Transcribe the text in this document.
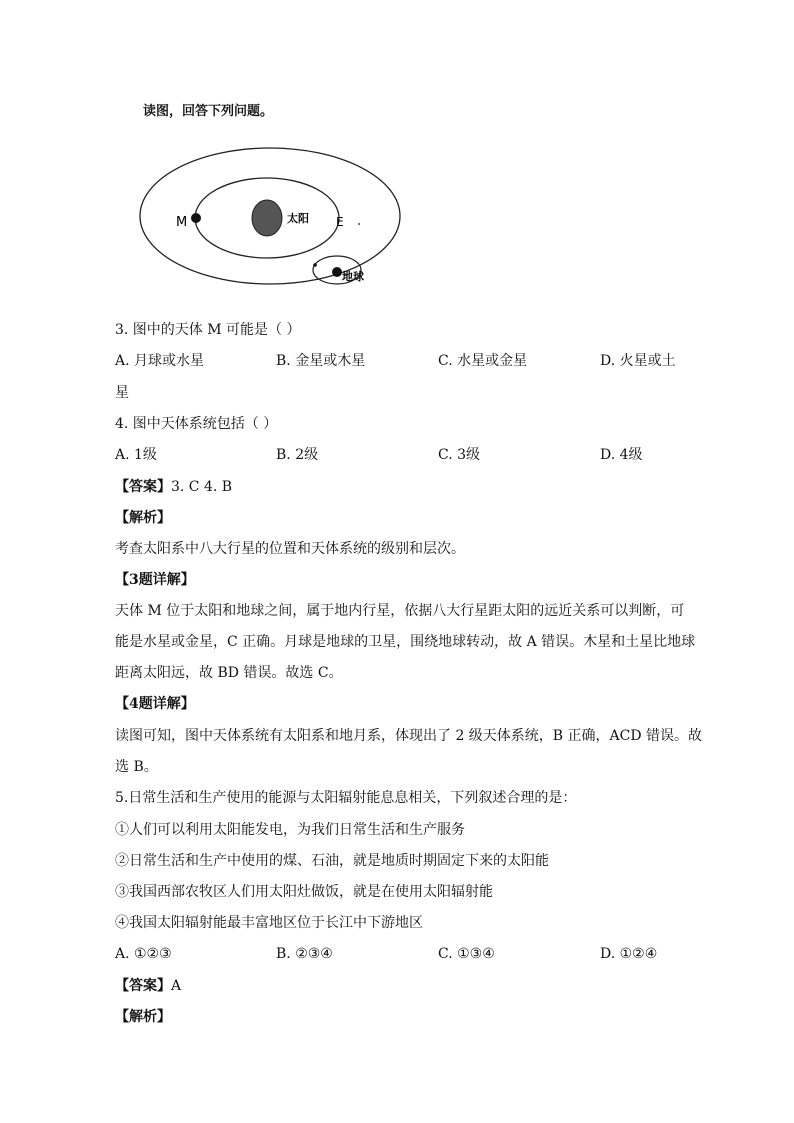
读图，回答下列问题。
M	太阳 E
地球
3. 图中的天体 M 可能是（ ）
A. 月球或水星	B. 金星或木星	C. 水星或金星	D. 火星或土
星
4. 图中天体系统包括（ ）
A. 1级	B. 2级	C. 3级	D. 4级
【答案】3. C 4. B
【解析】
考查太阳系中八大行星的位置和天体系统的级别和层次。
【3题详解】
天体 M 位于太阳和地球之间，属于地内行星，依据八大行星距太阳的远近关系可以判断，可
能是水星或金星，C 正确。月球是地球的卫星，围绕地球转动，故 A 错误。木星和土星比地球
距离太阳远，故 BD 错误。故选 C。
【4题详解】
读图可知，图中天体系统有太阳系和地月系，体现出了 2 级天体系统，B 正确，ACD 错误。故
选 B。
5.日常生活和生产使用的能源与太阳辐射能息息相关，下列叙述合理的是：
①人们可以利用太阳能发电，为我们日常生活和生产服务
②日常生活和生产中使用的煤、石油，就是地质时期固定下来的太阳能
③我国西部农牧区人们用太阳灶做饭，就是在使用太阳辐射能
④我国太阳辐射能最丰富地区位于长江中下游地区
A. ①②③	B. ②③④	C. ①③④	D. ①②④
【答案】A
【解析】
